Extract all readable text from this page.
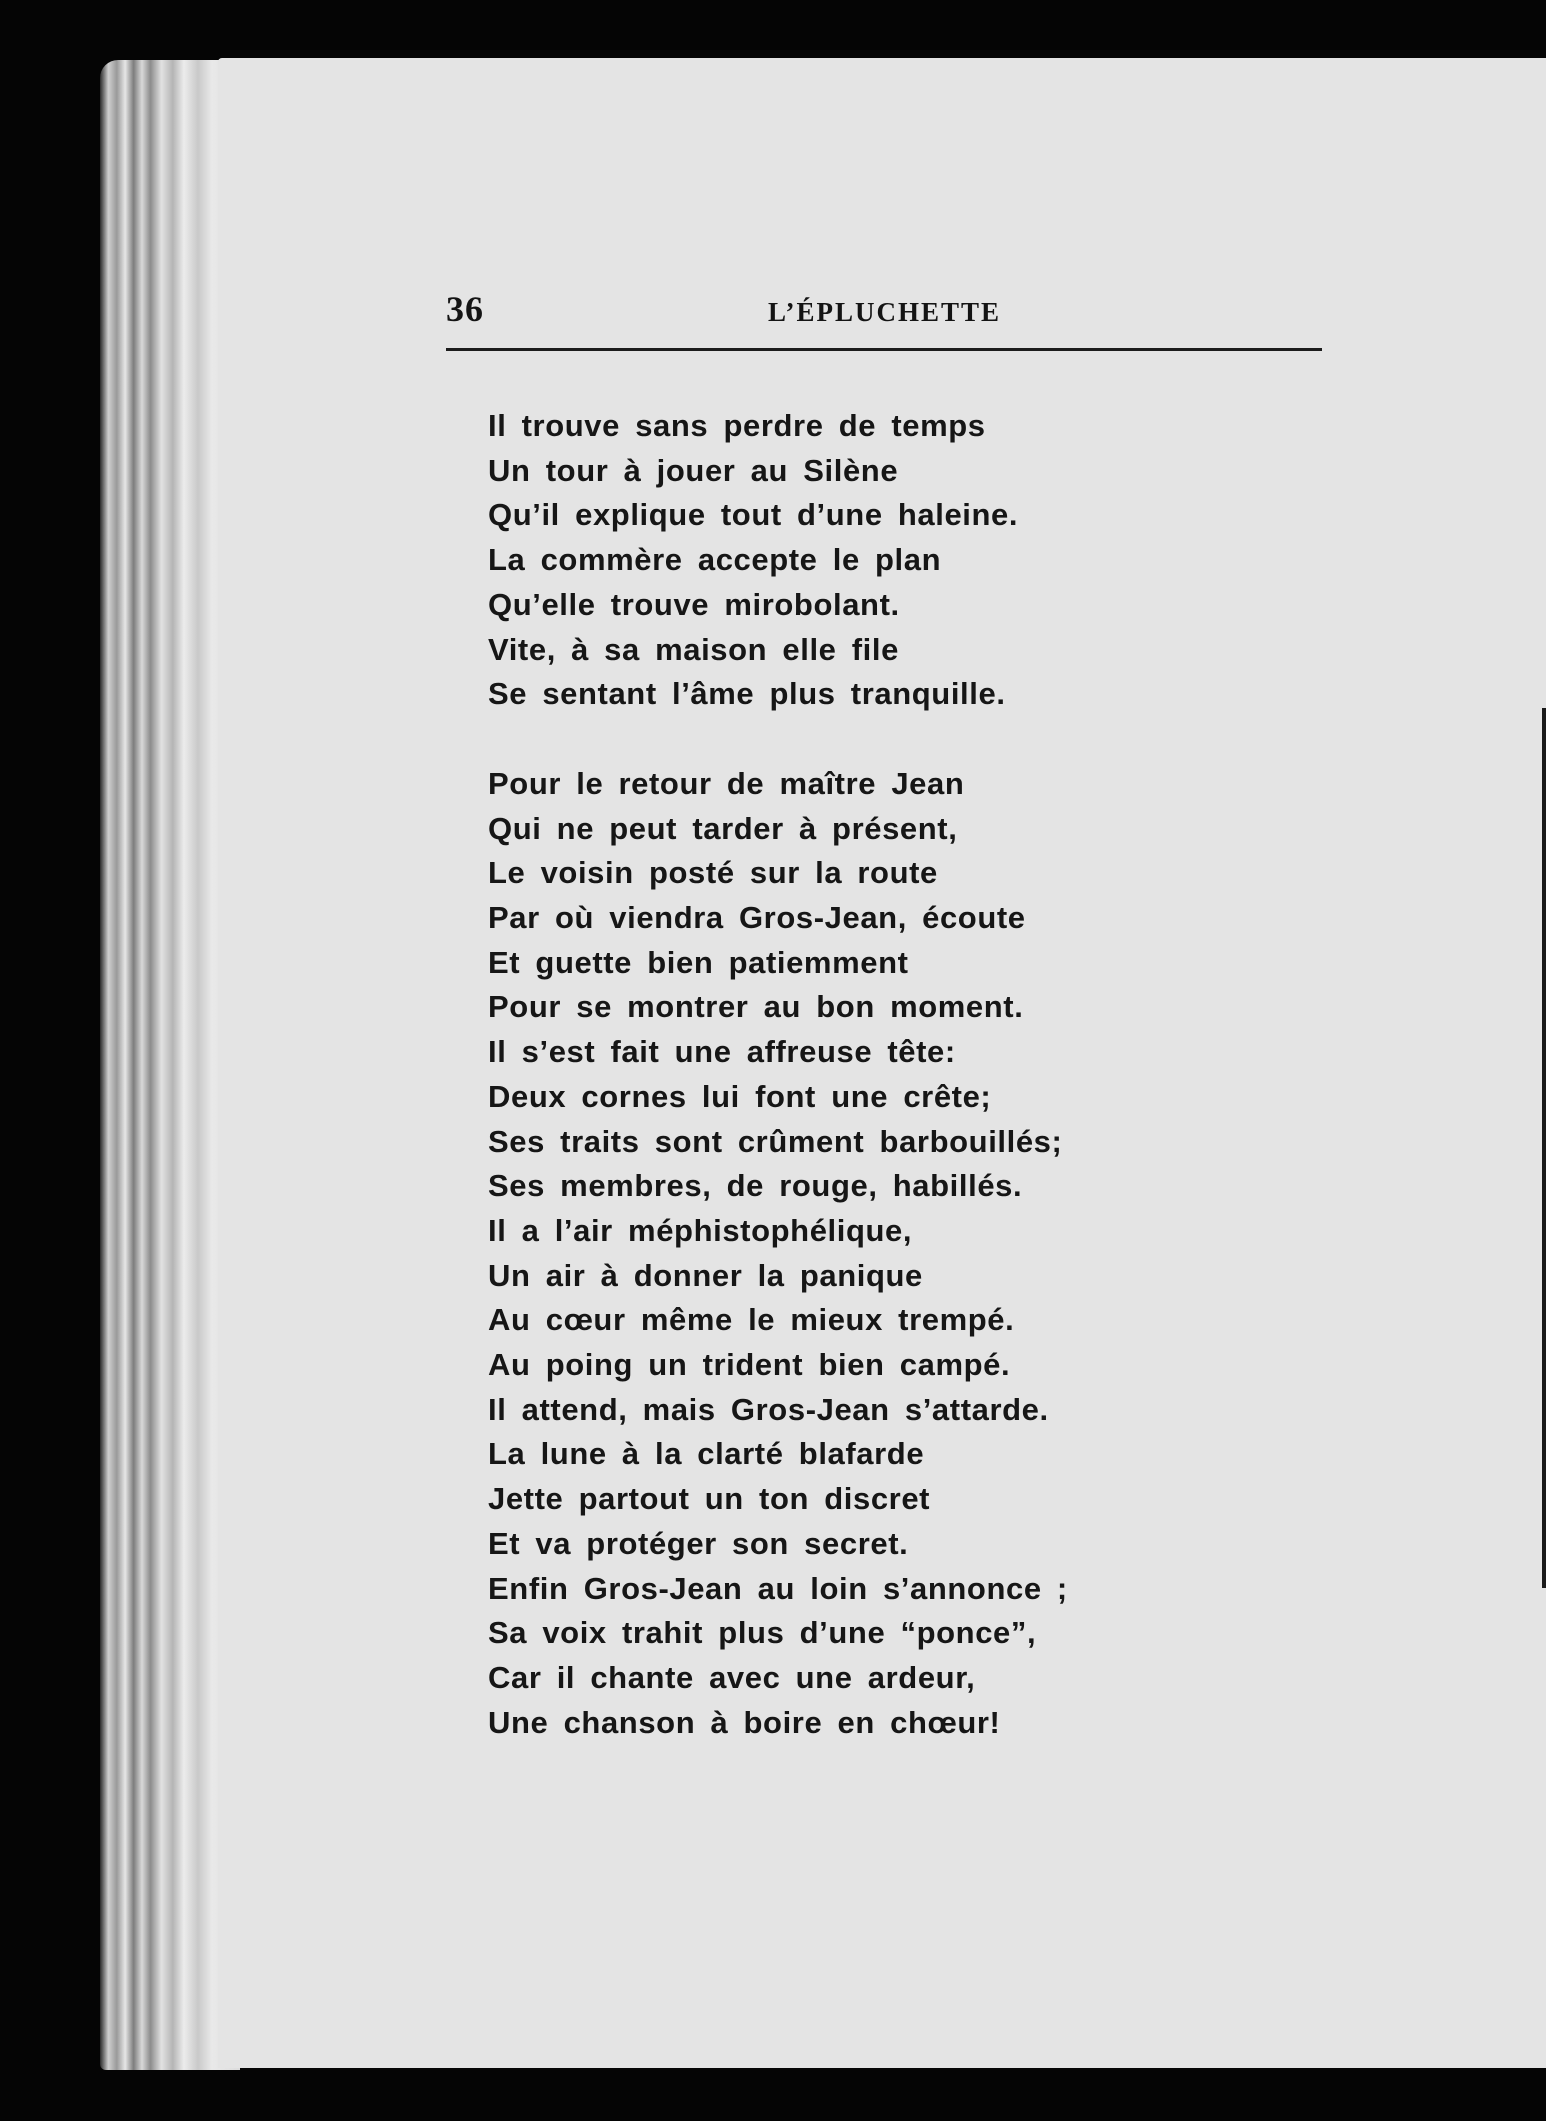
36	L’ÉPLUCHETTE
Il trouve sans perdre de temps
Un tour à jouer au Silène
Qu’il explique tout d’une haleine.
La commère accepte le plan
Qu’elle trouve mirobolant.
Vite, à sa maison elle file
Se sentant l’âme plus tranquille.
Pour le retour de maître Jean
Qui ne peut tarder à présent,
Le voisin posté sur la route
Par où viendra Gros-Jean, écoute
Et guette bien patiemment
Pour se montrer au bon moment.
Il s’est fait une affreuse tête:
Deux cornes lui font une crête;
Ses traits sont crûment barbouillés;
Ses membres, de rouge, habillés.
Il a l’air méphistophélique,
Un air à donner la panique
Au cœur même le mieux trempé.
Au poing un trident bien campé.
Il attend, mais Gros-Jean s’attarde.
La lune à la clarté blafarde
Jette partout un ton discret
Et va protéger son secret.
Enfin Gros-Jean au loin s’annonce ;
Sa voix trahit plus d’une “ponce”,
Car il chante avec une ardeur,
Une chanson à boire en chœur!
